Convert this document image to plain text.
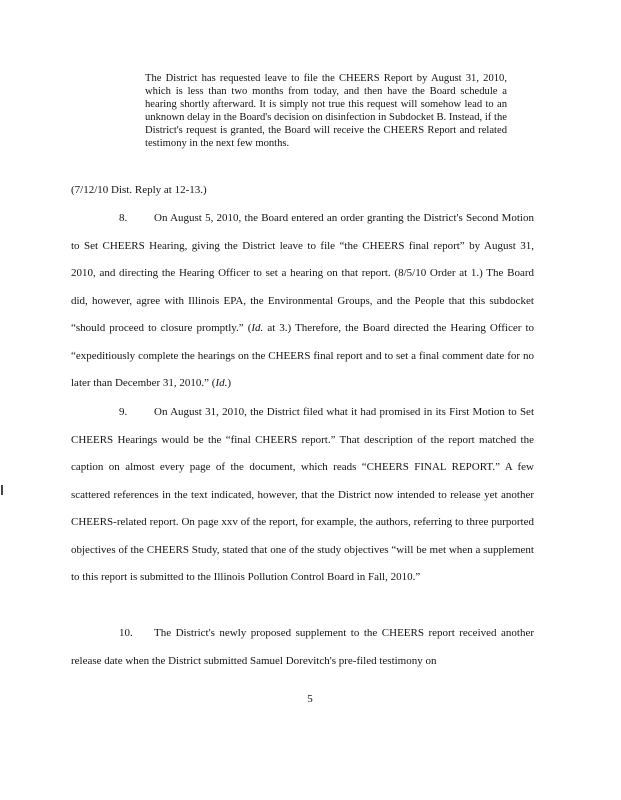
The District has requested leave to file the CHEERS Report by August 31, 2010, which is less than two months from today, and then have the Board schedule a hearing shortly afterward. It is simply not true this request will somehow lead to an unknown delay in the Board's decision on disinfection in Subdocket B. Instead, if the District's request is granted, the Board will receive the CHEERS Report and related testimony in the next few months.
(7/12/10 Dist. Reply at 12-13.)
8. On August 5, 2010, the Board entered an order granting the District's Second Motion to Set CHEERS Hearing, giving the District leave to file “the CHEERS final report” by August 31, 2010, and directing the Hearing Officer to set a hearing on that report. (8/5/10 Order at 1.) The Board did, however, agree with Illinois EPA, the Environmental Groups, and the People that this subdocket “should proceed to closure promptly.” (Id. at 3.) Therefore, the Board directed the Hearing Officer to “expeditiously complete the hearings on the CHEERS final report and to set a final comment date for no later than December 31, 2010.” (Id.)
9. On August 31, 2010, the District filed what it had promised in its First Motion to Set CHEERS Hearings would be the “final CHEERS report.” That description of the report matched the caption on almost every page of the document, which reads “CHEERS FINAL REPORT.” A few scattered references in the text indicated, however, that the District now intended to release yet another CHEERS-related report. On page xxv of the report, for example, the authors, referring to three purported objectives of the CHEERS Study, stated that one of the study objectives “will be met when a supplement to this report is submitted to the Illinois Pollution Control Board in Fall, 2010.”
10. The District's newly proposed supplement to the CHEERS report received another release date when the District submitted Samuel Dorevitch's pre-filed testimony on
5
